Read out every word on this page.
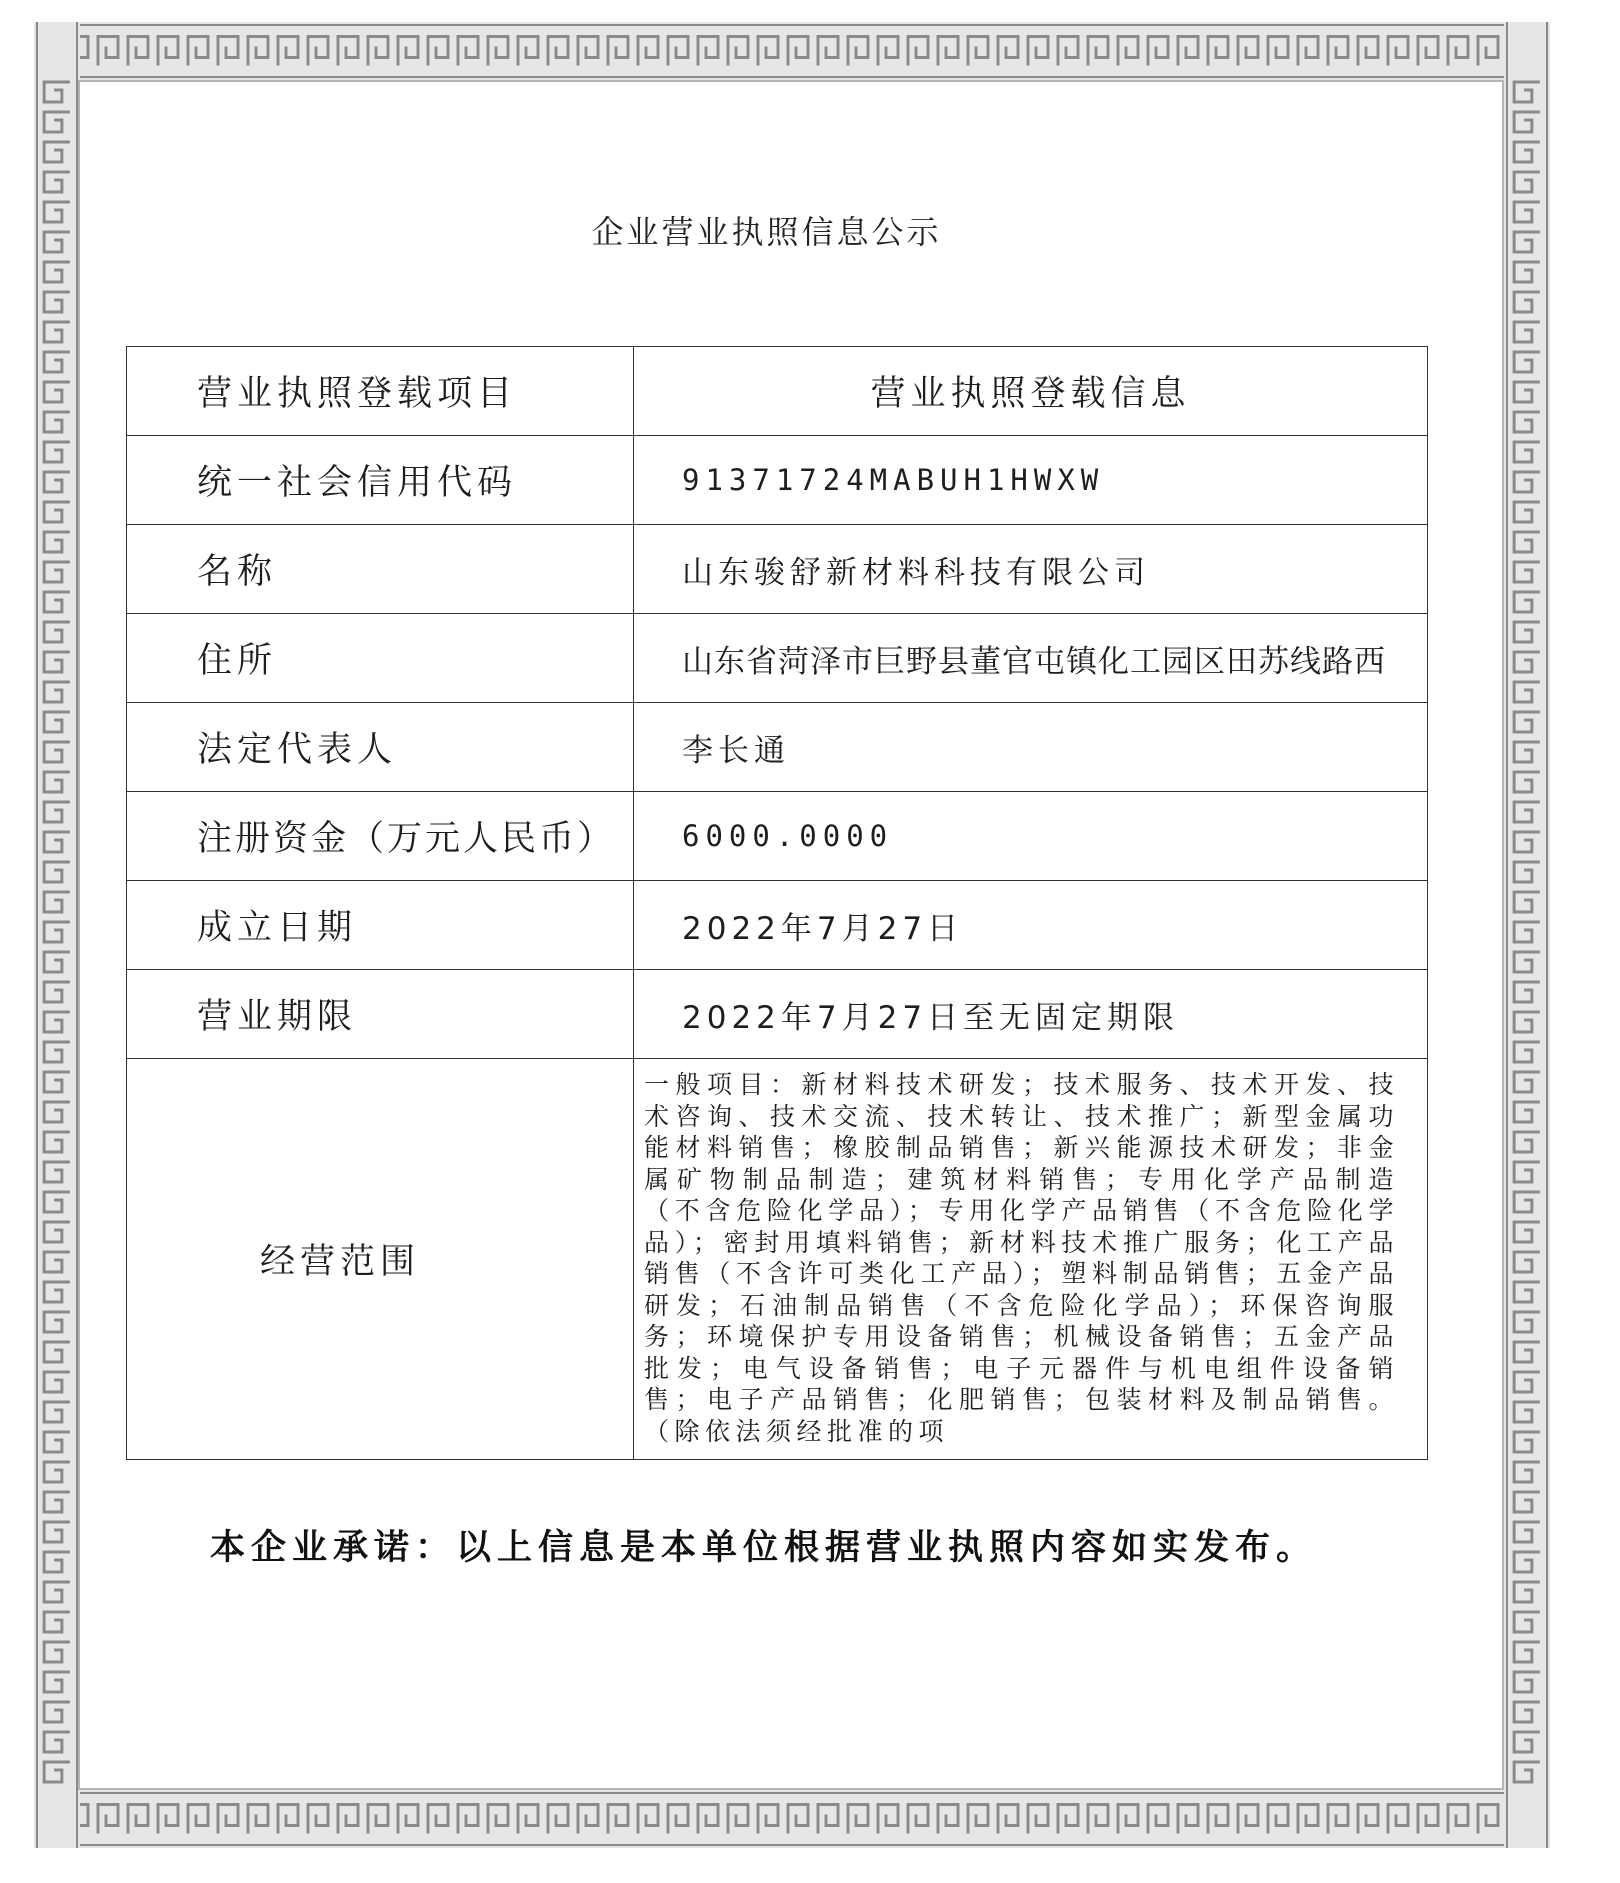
企业营业执照信息公示
营业执照登载项目	营业执照登载信息
统一社会信用代码	91371724MABUH1HWXW
名称	山东骏舒新材料科技有限公司
住所	山东省菏泽市巨野县董官屯镇化工园区田苏线路西
法定代表人	李长通
注册资金（万元人民币）	6000.0000
成立日期	2022年7月27日
营业期限	2022年7月27日至无固定期限
经营范围	一般项目：新材料技术研发；技术服务、技术开发、技术咨询、技术交流、技术转让、技术推广；新型金属功能材料销售；橡胶制品销售；新兴能源技术研发；非金属矿物制品制造；建筑材料销售；专用化学产品制造（不含危险化学品）；专用化学产品销售（不含危险化学品）；密封用填料销售；新材料技术推广服务；化工产品销售（不含许可类化工产品）；塑料制品销售；五金产品研发；石油制品销售（不含危险化学品）；环保咨询服务；环境保护专用设备销售；机械设备销售；五金产品批发；电气设备销售；电子元器件与机电组件设备销售；电子产品销售；化肥销售；包装材料及制品销售。（除依法须经批准的项
本企业承诺：以上信息是本单位根据营业执照内容如实发布。
